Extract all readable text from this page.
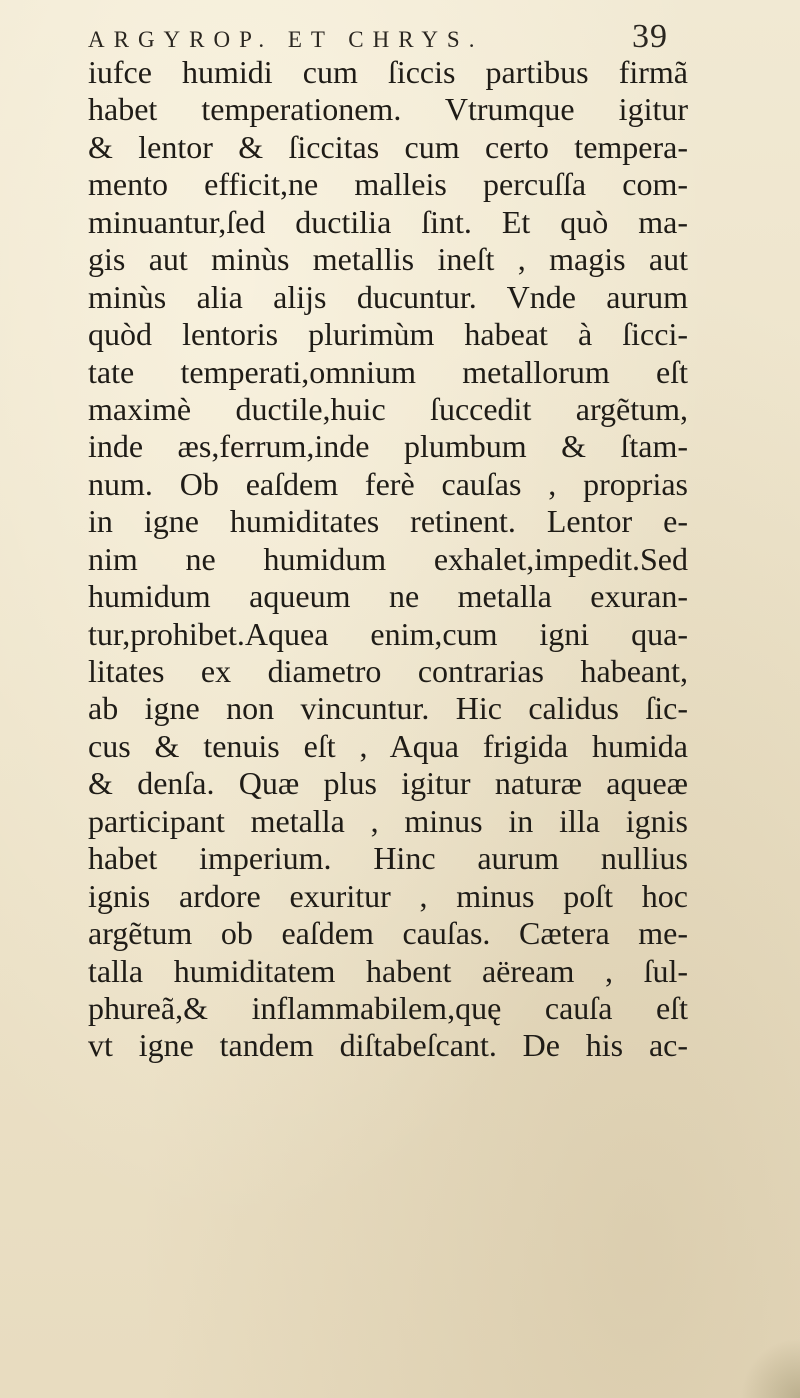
ARGYROP. ET CHRYS.	39
iufce humidi cum ſiccis partibus firmã
habet temperationem. Vtrumque igitur
& lentor & ſiccitas cum certo tempera-
mento efficit,ne malleis percuſſa com-
minuantur,ſed ductilia ſint. Et quò ma-
gis aut minùs metallis ineſt , magis aut
minùs alia alijs ducuntur. Vnde aurum
quòd lentoris plurimùm habeat à ſicci-
tate temperati,omnium metallorum eſt
maximè ductile,huic ſuccedit argẽtum,
inde æs,ferrum,inde plumbum & ſtam-
num. Ob eaſdem ferè cauſas , proprias
in igne humiditates retinent. Lentor e-
nim ne humidum exhalet,impedit.Sed
humidum aqueum ne metalla exuran-
tur,prohibet.Aquea enim,cum igni qua-
litates ex diametro contrarias habeant,
ab igne non vincuntur. Hic calidus ſic-
cus & tenuis eſt , Aqua frigida humida
& denſa. Quæ plus igitur naturæ aqueæ
participant metalla , minus in illa ignis
habet imperium. Hinc aurum nullius
ignis ardore exuritur , minus poſt hoc
argẽtum ob eaſdem cauſas. Cætera me-
talla humiditatem habent aëream , ſul-
phureã,& inflammabilem,quę cauſa eſt
vt igne tandem diſtabeſcant. De his ac-
